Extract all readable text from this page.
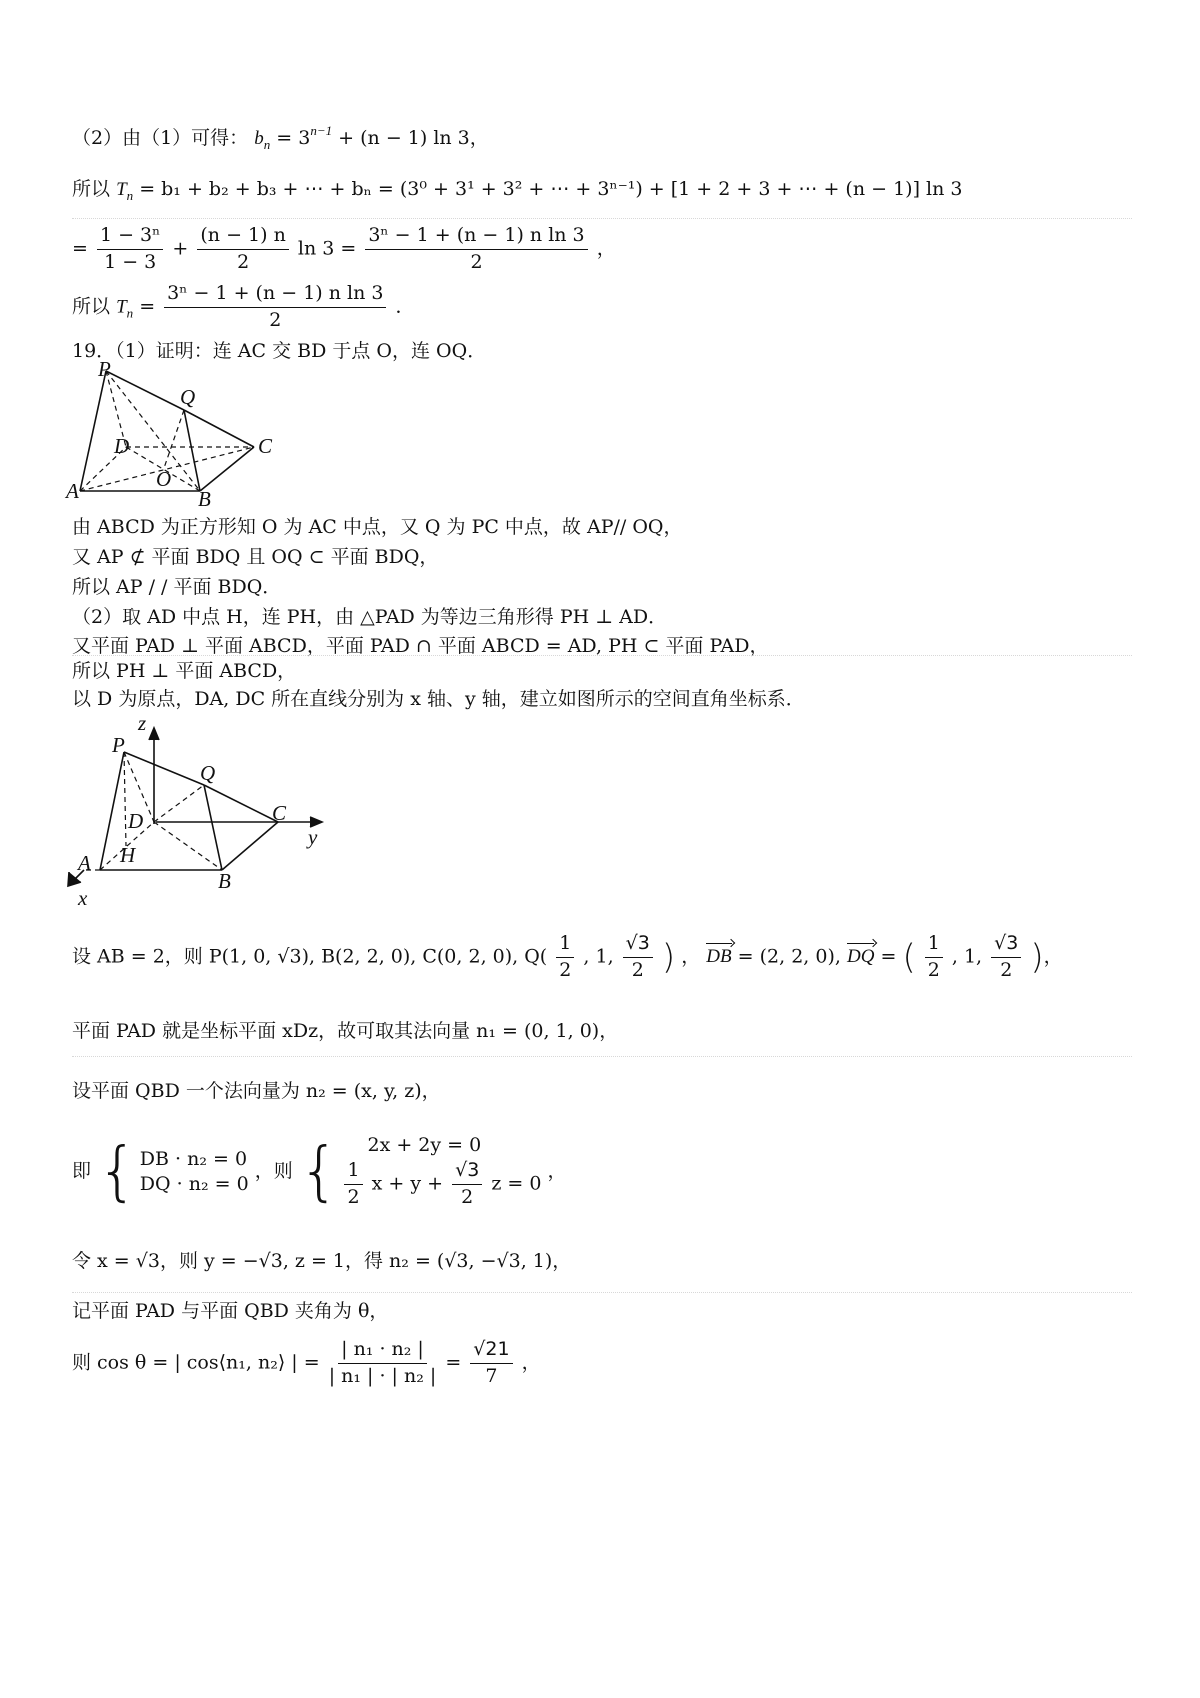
（2）由（1）可得： $b_n = 3^{n-1} + (n - 1)$ ln 3，
所以 $T_n = b_1 + b_2 + b_3$ + ⋯ + bₙ = (3⁰ + 3¹ + 3² + ⋯ + 3ⁿ⁻¹) + [1 + 2 + 3 + ⋯ + (n − 1)] ln 3
= $\frac{\text{1 − 3ⁿ}}{1 - 3} + \frac{(n - 1) n}{2}$ $\ln 3 = \frac{\text{3ⁿ − 1 + (n − 1) n ln 3}}{2}$ ，
所以 $T_n = \frac{\text{3ⁿ − 1 + (n − 1) n ln 3}}{2}$ ．
19．（1）证明：连 AC 交 BD 于点 O，连 OQ．
P
Q
D	C
O
A	B
由 ABCD 为正方形知 O 为 AC 中点，又 Q 为 PC 中点，故 AP// OQ，
又 AP ⊄ 平面 BDQ 且 OQ ⊂ 平面 BDQ，
所以 AP / / 平面 BDQ．
（2）取 AD 中点 H，连 PH，由 △PAD 为等边三角形得 PH ⊥ AD．
又平面 PAD ⊥ 平面 ABCD，平面 PAD ∩ 平面 ABCD = AD, PH ⊂ 平面 PAD，
所以 PH ⊥ 平面 ABCD，
以 D 为原点，DA, DC 所在直线分别为 x 轴、y 轴，建立如图所示的空间直角坐标系．
z
P
Q
C
y
D
A H
B
x
设 AB = 2，则 P(1, 0, √3), B(2, 2, 0), C(0, 2, 0), $Q( \frac{1}{2}$ , 1, $\frac{√3}{2}$ ) ， DB = (2, 2, 0), DQ = ( $\frac{1}{2}$ , 1, $\frac{√3}{2}$ )，
平面 PAD 就是坐标平面 xDz，故可取其法向量 n₁ = (0, 1, 0)，
设平面 QBD 一个法向量为 n₂ = (x, y, z)，
即 { DB · n₂ = 0
DQ · n₂ = 0
，则 {	2x + 2y = 0
$\frac{1}{2}$ $x + y + \frac{√3}{2}$ z = 0
，
令 x = √3，则 y = −√3, z = 1，得 n₂ = (√3, −√3, 1)，
记平面 PAD 与平面 QBD 夹角为 θ，
则 cos θ = | cos⟨n₁, n₂⟩ | = $\frac{\text{| n₁ · n₂ |}}{\text{| n₁ | · | n₂ |}} = \frac{√21}{7}$ ，
